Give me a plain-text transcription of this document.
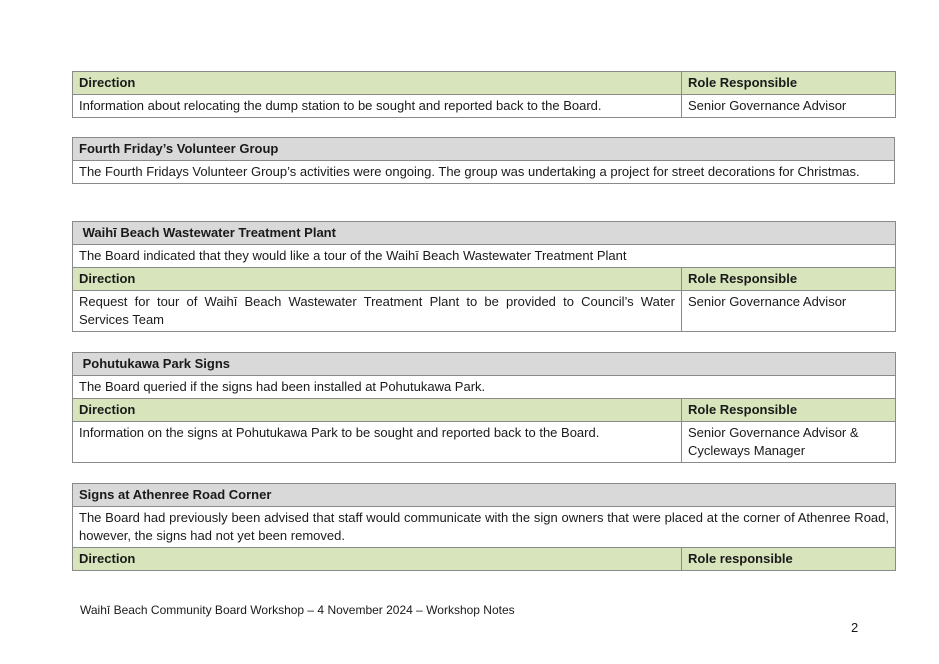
Direction	Role Responsible
Information about relocating the dump station to be sought and reported back to the Board.	Senior Governance Advisor
Fourth Friday’s Volunteer Group
The Fourth Fridays Volunteer Group’s activities were ongoing. The group was undertaking a project for street decorations for Christmas.
Waihī Beach Wastewater Treatment Plant	
The Board indicated that they would like a tour of the Waihī Beach Wastewater Treatment Plant	
Direction	Role Responsible
Request for tour of Waihī Beach Wastewater Treatment Plant to be provided to Council’s Water Services Team	Senior Governance Advisor
Pohutukawa Park Signs	
The Board queried if the signs had been installed at Pohutukawa Park.	
Direction	Role Responsible
Information on the signs at Pohutukawa Park to be sought and reported back to the Board.	Senior Governance Advisor & Cycleways Manager
Signs at Athenree Road Corner
The Board had previously been advised that staff would communicate with the sign owners that were placed at the corner of Athenree Road, however, the signs had not yet been removed.
Direction	Role responsible
Waihī Beach Community Board Workshop – 4 November 2024 – Workshop Notes
2
